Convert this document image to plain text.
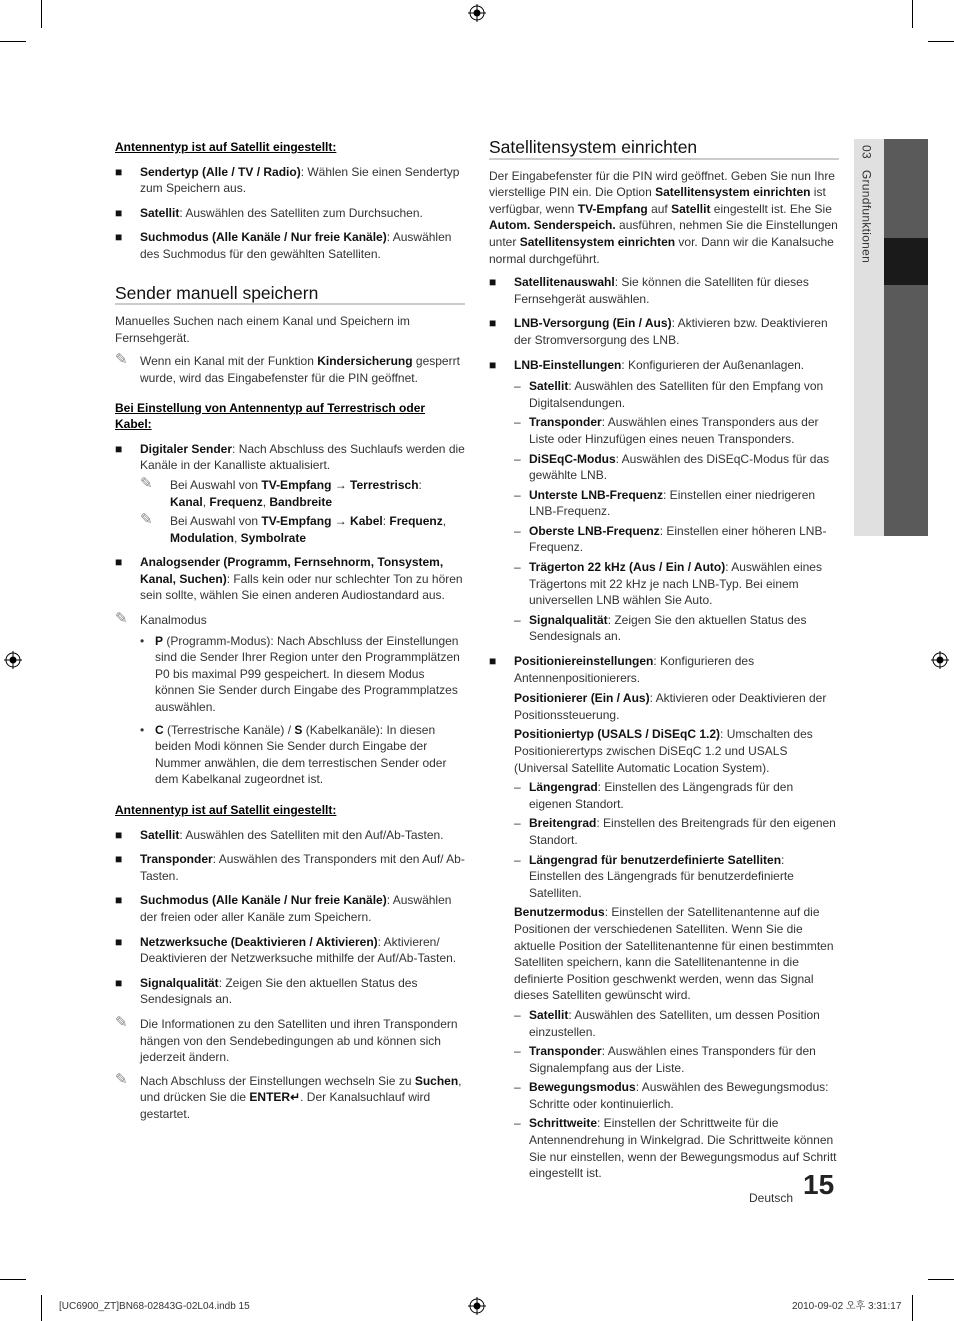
03   Grundfunktionen
Antennentyp ist auf Satellit eingestellt:
■ Sendertyp (Alle / TV / Radio): Wählen Sie einen Sendertyp zum Speichern aus.
■ Satellit: Auswählen des Satelliten zum Durchsuchen.
■ Suchmodus (Alle Kanäle / Nur freie Kanäle): Auswählen des Suchmodus für den gewählten Satelliten.
Sender manuell speichern

Manuelles Suchen nach einem Kanal und Speichern im Fernsehgerät.

✎ Wenn ein Kanal mit der Funktion Kindersicherung gesperrt wurde, wird das Eingabefenster für die PIN geöffnet.
Bei Einstellung von Antennentyp auf Terrestrisch oder Kabel:
■ Digitaler Sender: Nach Abschluss des Suchlaufs werden die Kanäle in der Kanalliste aktualisiert.
✎ Bei Auswahl von TV-Empfang → Terrestrisch:
Kanal, Frequenz, Bandbreite
✎ Bei Auswahl von TV-Empfang → Kabel: Frequenz,
Modulation, Symbolrate
■ Analogsender (Programm, Fernsehnorm, Tonsystem, Kanal, Suchen): Falls kein oder nur schlechter Ton zu hören sein sollte, wählen Sie einen anderen Audiostandard aus.
✎ Kanalmodus
• P (Programm-Modus): Nach Abschluss der Einstellungen sind die Sender Ihrer Region unter den Programmplätzen P0 bis maximal P99 gespeichert. In diesem Modus können Sie Sender durch Eingabe des Programmplatzes auswählen.
• C (Terrestrische Kanäle) / S (Kabelkanäle): In diesen beiden Modi können Sie Sender durch Eingabe der Nummer anwählen, die dem terrestischen Sender oder dem Kabelkanal zugeordnet ist.
Antennentyp ist auf Satellit eingestellt:
■ Satellit: Auswählen des Satelliten mit den Auf/Ab-Tasten.
■ Transponder: Auswählen des Transponders mit den Auf/ Ab-Tasten.
■ Suchmodus (Alle Kanäle / Nur freie Kanäle): Auswählen der freien oder aller Kanäle zum Speichern.
■ Netzwerksuche (Deaktivieren / Aktivieren): Aktivieren/ Deaktivieren der Netzwerksuche mithilfe der Auf/Ab-Tasten.
■ Signalqualität: Zeigen Sie den aktuellen Status des Sendesignals an.
✎ Die Informationen zu den Satelliten und ihren Transpondern hängen von den Sendebedingungen ab und können sich jederzeit ändern.
✎ Nach Abschluss der Einstellungen wechseln Sie zu Suchen, und drücken Sie die ENTER↵. Der Kanalsuchlauf wird gestartet.
Satellitensystem einrichten

Der Eingabefenster für die PIN wird geöffnet. Geben Sie nun Ihre vierstellige PIN ein. Die Option Satellitensystem einrichten ist verfügbar, wenn TV-Empfang auf Satellit eingestellt ist. Ehe Sie Autom. Senderspeich. ausführen, nehmen Sie die Einstellungen unter Satellitensystem einrichten vor. Dann wir die Kanalsuche normal durchgeführt.

■ Satellitenauswahl: Sie können die Satelliten für dieses Fernsehgerät auswählen.
■ LNB-Versorgung (Ein / Aus): Aktivieren bzw. Deaktivieren der Stromversorgung des LNB.
■ LNB-Einstellungen: Konfigurieren der Außenanlagen.
– Satellit: Auswählen des Satelliten für den Empfang von Digitalsendungen.
– Transponder: Auswählen eines Transponders aus der Liste oder Hinzufügen eines neuen Transponders.
– DiSEqC-Modus: Auswählen des DiSEqC-Modus für das gewählte LNB.
– Unterste LNB-Frequenz: Einstellen einer niedrigeren LNB-Frequenz.
– Oberste LNB-Frequenz: Einstellen einer höheren LNB-Frequenz.
– Trägerton 22 kHz (Aus / Ein / Auto): Auswählen eines Trägertons mit 22 kHz je nach LNB-Typ. Bei einem universellen LNB wählen Sie Auto.
– Signalqualität: Zeigen Sie den aktuellen Status des Sendesignals an.
■ Positioniereinstellungen: Konfigurieren des Antennenpositionierers.
Positionierer (Ein / Aus): Aktivieren oder Deaktivieren der Positionssteuerung.
Positioniertyp (USALS / DiSEqC 1.2): Umschalten des Positionierertyps zwischen DiSEqC 1.2 und USALS (Universal Satellite Automatic Location System).
– Längengrad: Einstellen des Längengrads für den eigenen Standort.
– Breitengrad: Einstellen des Breitengrads für den eigenen Standort.
– Längengrad für benutzerdefinierte Satelliten: Einstellen des Längengrads für benutzerdefinierte Satelliten.
Benutzermodus: Einstellen der Satellitenantenne auf die Positionen der verschiedenen Satelliten. Wenn Sie die aktuelle Position der Satellitenantenne für einen bestimmten Satelliten speichern, kann die Satellitenantenne in die definierte Position geschwenkt werden, wenn das Signal dieses Satelliten gewünscht wird.
– Satellit: Auswählen des Satelliten, um dessen Position einzustellen.
– Transponder: Auswählen eines Transponders für den Signalempfang aus der Liste.
– Bewegungsmodus: Auswählen des Bewegungsmodus: Schritte oder kontinuierlich.
– Schrittweite: Einstellen der Schrittweite für die Antennendrehung in Winkelgrad. Die Schrittweite können Sie nur einstellen, wenn der Bewegungsmodus auf Schritt eingestellt ist.
Deutsch 15
[UC6900_ZT]BN68-02843G-02L04.indb 15	2010-09-02 오후 3:31:17
